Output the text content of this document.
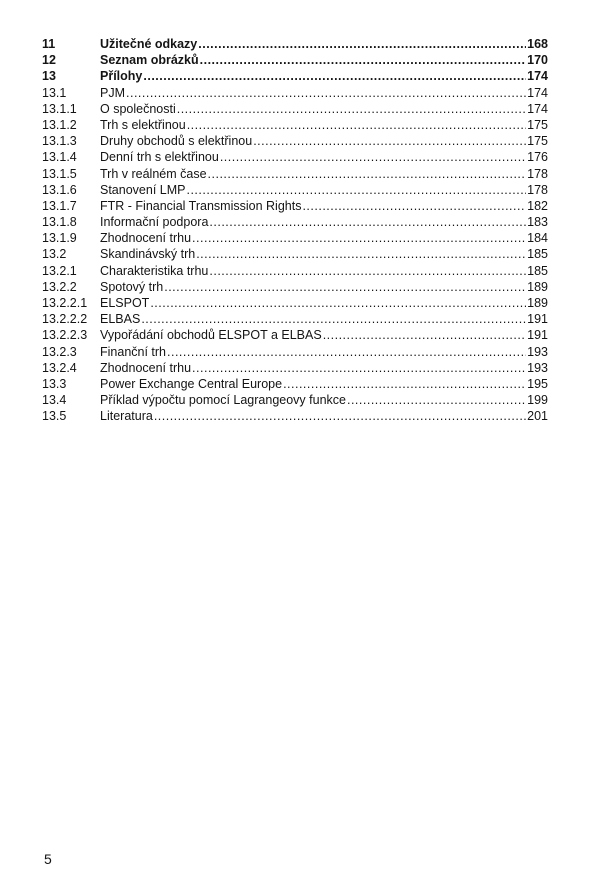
11	Užitečné odkazy .....	168
12	Seznam obrázků .....	170
13	Přílohy .....	174
13.1	PJM .....	174
13.1.1	O společnosti .....	174
13.1.2	Trh s elektřinou .....	175
13.1.3	Druhy obchodů s elektřinou .....	175
13.1.4	Denní trh s elektřinou .....	176
13.1.5	Trh v reálném čase .....	178
13.1.6	Stanovení LMP .....	178
13.1.7	FTR - Financial Transmission Rights .....	182
13.1.8	Informační podpora .....	183
13.1.9	Zhodnocení trhu .....	184
13.2	Skandinávský trh .....	185
13.2.1	Charakteristika trhu .....	185
13.2.2	Spotový trh .....	189
13.2.2.1	ELSPOT .....	189
13.2.2.2	ELBAS .....	191
13.2.2.3	Vypořádání obchodů ELSPOT a ELBAS .....	191
13.2.3	Finanční trh .....	193
13.2.4	Zhodnocení trhu .....	193
13.3	Power Exchange Central Europe .....	195
13.4	Příklad výpočtu pomocí Lagrangeovy funkce .....	199
13.5	Literatura .....	201
5
